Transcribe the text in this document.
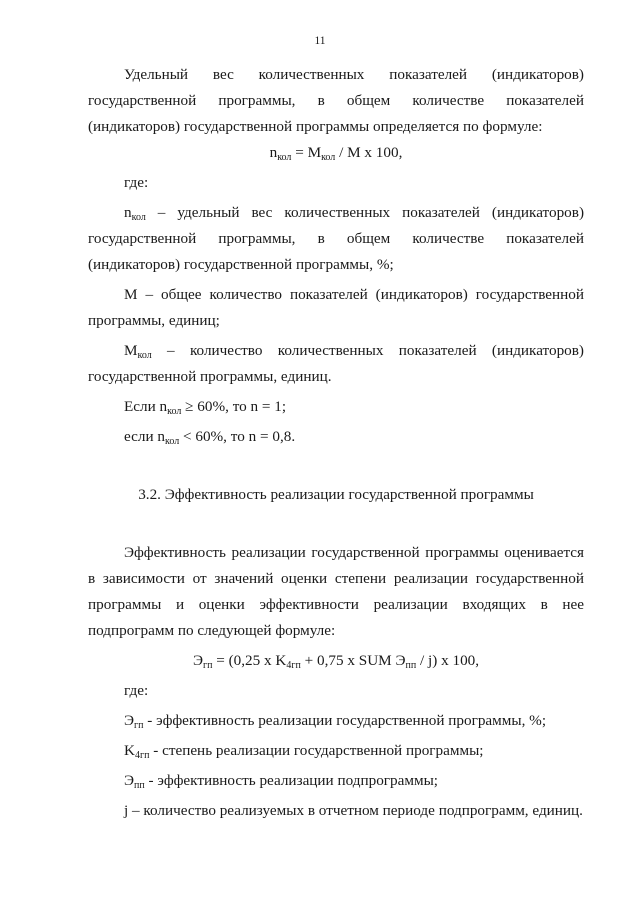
11

Удельный вес количественных показателей (индикаторов) государственной программы, в общем количестве показателей (индикаторов) государственной программы определяется по формуле:

$n_{кол} = M_{кол} / M$ x 100,

где:

$n_{кол}$ – удельный вес количественных показателей (индикаторов) государственной программы, в общем количестве показателей (индикаторов) государственной программы, %;

M – общее количество показателей (индикаторов) государственной программы, единиц;

$M_{кол}$ – количество количественных показателей (индикаторов) государственной программы, единиц.

Если $n_{кол} \ge 60\%$, то n = 1;

если $n_{кол} < 60\%$, то n = 0,8.

3.2. Эффективность реализации государственной программы

Эффективность реализации государственной программы оценивается в зависимости от значений оценки степени реализации государственной программы и оценки эффективности реализации входящих в нее подпрограмм по следующей формуле:

$Э_{гп} = (0,25$ x $K_{4гп} + 0,75$ x SUM $Э_{пп} / j$) x 100,

где:

$Э_{гп}$ - эффективность реализации государственной программы, %;

$K_{4гп}$ - степень реализации государственной программы;

$Э_{пп}$ - эффективность реализации подпрограммы;

j – количество реализуемых в отчетном периоде подпрограмм, единиц.
